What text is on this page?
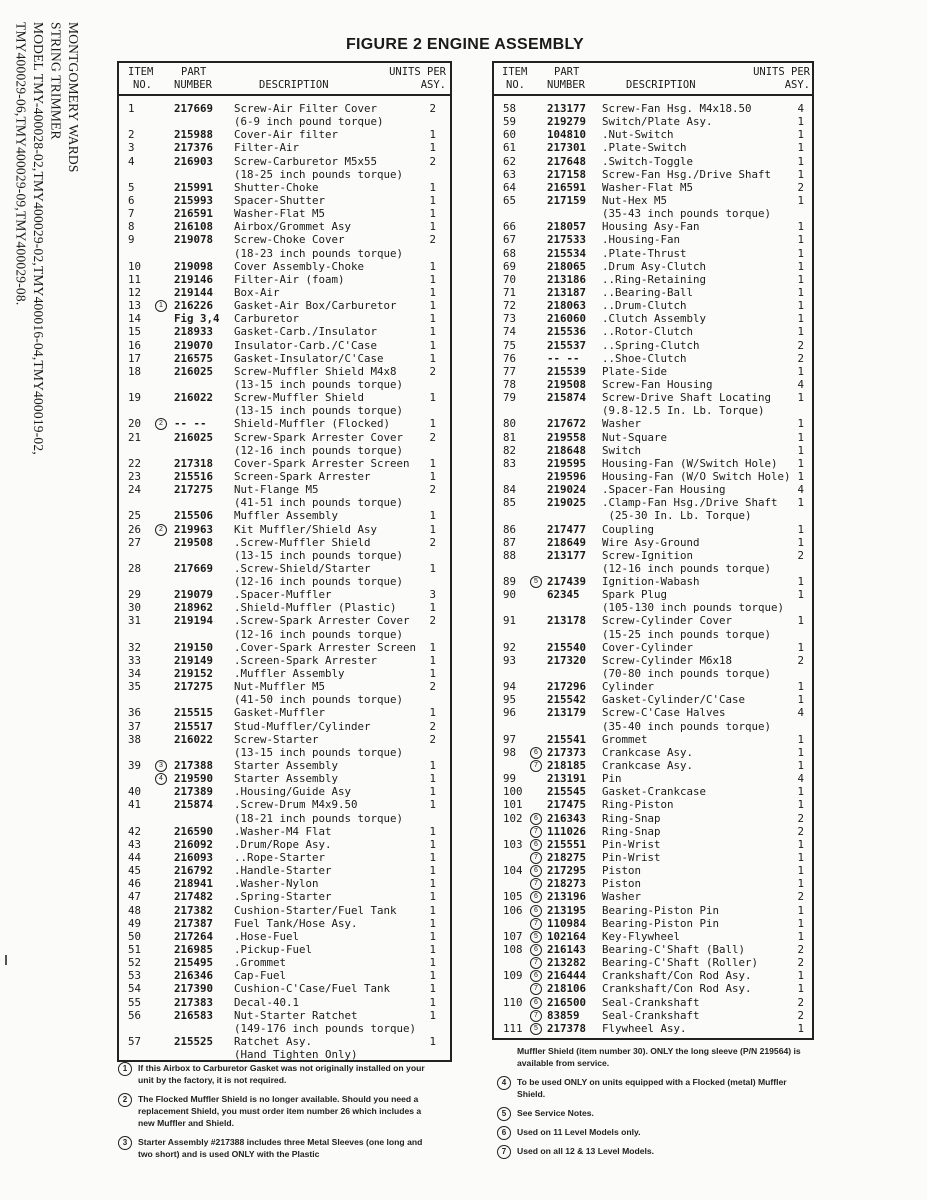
MONTGOMERY WARDS
STRING TRIMMER
MODEL TMY-400028-02,TMY400029-02,TMY400016-04,TMY400019-02,
TMY400029-06,TMY400029-09,TMY400029-08.	FIGURE 2 ENGINE ASSEMBLY
ITEM
NO.
PART
NUMBER	DESCRIPTION
UNITS PER
ASY.
1	217669 Screw-Air Filter Cover	2
(6-9 inch pound torque)
2	215988 Cover-Air filter	1
3	217376 Filter-Air	1
4	216903 Screw-Carburetor M5x55	2
(18-25 inch pounds torque)
5	215991 Shutter-Choke	1
6	215993 Spacer-Shutter	1
7	216591 Washer-Flat M5	1
8	216108 Airbox/Grommet Asy	1
9	219078 Screw-Choke Cover	2
(18-23 inch pounds torque)
10	219098 Cover Assembly-Choke	1
11	219146 Filter-Air (foam)	1
12	219144 Box-Air	1
13	1	216226 Gasket-Air Box/Carburetor	1
14	Fig 3,4 Carburetor	1
15	218933 Gasket-Carb./Insulator	1
16	219070 Insulator-Carb./C'Case	1
17	216575 Gasket-Insulator/C'Case	1
18	216025 Screw-Muffler Shield M4x8	2
(13-15 inch pounds torque)
19	216022 Screw-Muffler Shield	1
(13-15 inch pounds torque)
20	2	-- --	Shield-Muffler (Flocked)	1
21	216025 Screw-Spark Arrester Cover 2
(12-16 inch pounds torque)
22	217318 Cover-Spark Arrester Screen 1
23	215516 Screen-Spark Arrester	1
24	217275 Nut-Flange M5	2
(41-51 inch pounds torque)
25	215506 Muffler Assembly	1
26	2	219963 Kit Muffler/Shield Asy	1
27	219508 .Screw-Muffler Shield	2
(13-15 inch pounds torque)
28	217669 .Screw-Shield/Starter	1
(12-16 inch pounds torque)
29	219079 .Spacer-Muffler	3
30	218962 .Shield-Muffler (Plastic)	1
31	219194 .Screw-Spark Arrester Cover 2
(12-16 inch pounds torque)
32	219150 .Cover-Spark Arrester Screen 1
33	219149 .Screen-Spark Arrester	1
34	219152 .Muffler Assembly	1
35	217275 Nut-Muffler M5	2
(41-50 inch pounds torque)
36	215515 Gasket-Muffler	1
37	215517 Stud-Muffler/Cylinder	2
38	216022 Screw-Starter	2
(13-15 inch pounds torque)
39	3	217388 Starter Assembly	1
4	219590 Starter Assembly	1
40	217389 .Housing/Guide Asy	1
41	215874 .Screw-Drum M4x9.50	1
(18-21 inch pounds torque)
42	216590 .Washer-M4 Flat	1
43	216092 .Drum/Rope Asy.	1
44	216093 ..Rope-Starter	1
45	216792 .Handle-Starter	1
46	218941 .Washer-Nylon	1
47	217482 .Spring-Starter	1
48	217382 Cushion-Starter/Fuel Tank	1
49	217387 Fuel Tank/Hose Asy.	1
50	217264 .Hose-Fuel	1
51	216985 .Pickup-Fuel	1
52	215495 .Grommet	1
53	216346 Cap-Fuel	1
54	217390 Cushion-C'Case/Fuel Tank	1
55	217383 Decal-40.1	1
56	216583 Nut-Starter Ratchet	1
(149-176 inch pounds torque)
57	215525 Ratchet Asy.	1
(Hand Tighten Only)
ITEM
NO.
PART
NUMBER	DESCRIPTION
UNITS PER
ASY.
58	213177 Screw-Fan Hsg. M4x18.50	4
59	219279 Switch/Plate Asy.	1
60	104810 .Nut-Switch	1
61	217301 .Plate-Switch	1
62	217648 .Switch-Toggle	1
63	217158 Screw-Fan Hsg./Drive Shaft 1
64	216591 Washer-Flat M5	2
65	217159 Nut-Hex M5	1
(35-43 inch pounds torque)
66	218057 Housing Asy-Fan	1
67	217533 .Housing-Fan	1
68	215534 .Plate-Thrust	1
69	218065 .Drum Asy-Clutch	1
70	213186 ..Ring-Retaining	1
71	213187 ..Bearing-Ball	1
72	218063 ..Drum-Clutch	1
73	216060 .Clutch Assembly	1
74	215536 ..Rotor-Clutch	1
75	215537 ..Spring-Clutch	2
76	-- -- ..Shoe-Clutch	2
77	215539 Plate-Side	1
78	219508 Screw-Fan Housing	4
79	215874 Screw-Drive Shaft Locating 1
(9.8-12.5 In. Lb. Torque)
80	217672 Washer	1
81	219558 Nut-Square	1
82	218648 Switch	1
83	219595 Housing-Fan (W/Switch Hole) 1
219596 Housing-Fan (W/O Switch Hole) 1
84	219024 .Spacer-Fan Housing	4
85	219025 .Clamp-Fan Hsg./Drive Shaft 1
(25-30 In. Lb. Torque)
86	217477 Coupling	1
87	218649 Wire Asy-Ground	1
88	213177 Screw-Ignition	2
(12-16 inch pounds torque)
89	5 217439 Ignition-Wabash	1
90	62345 Spark Plug	1
(105-130 inch pounds torque)
91	213178 Screw-Cylinder Cover	1
(15-25 inch pounds torque)
92	215540 Cover-Cylinder	1
93	217320 Screw-Cylinder M6x18	2
(70-80 inch pounds torque)
94	217296 Cylinder	1
95	215542 Gasket-Cylinder/C'Case	1
96	213179 Screw-C'Case Halves	4
(35-40 inch pounds torque)
97	215541 Grommet	1
98	6 217373 Crankcase Asy.	1
7 218185 Crankcase Asy.	1
99	213191 Pin	4
100 215545 Gasket-Crankcase	1
101 217475 Ring-Piston	1
102	6 216343 Ring-Snap	2
7 111026 Ring-Snap	2
103	6 215551 Pin-Wrist	1
7 218275 Pin-Wrist	1
104	6 217295 Piston	1
7 218273 Piston	1
105	6 213196 Washer	2
106	6 213195 Bearing-Piston Pin	1
7 110984 Bearing-Piston Pin	1
107	5 102164 Key-Flywheel	1
108	6 216143 Bearing-C'Shaft (Ball)	2
7 213282 Bearing-C'Shaft (Roller)	2
109	6 216444 Crankshaft/Con Rod Asy.	1
7 218106 Crankshaft/Con Rod Asy.	1
110	6 216500 Seal-Crankshaft	2
7 83859 Seal-Crankshaft	2
111	5 217378 Flywheel Asy.	1
1	If this Airbox to Carburetor Gasket was not originally installed on your unit by the factory, it is not required.
2	The Flocked Muffler Shield is no longer available. Should you need a replacement Shield, you must order item number 26 which includes a new Muffler and Shield.
3	Starter Assembly #217388 includes three Metal Sleeves (one long and two short) and is used ONLY with the Plastic
Muffler Shield (item number 30). ONLY the long sleeve (P/N 219564) is available from service.
4	To be used ONLY on units equipped with a Flocked (metal) Muffler Shield.
5	See Service Notes.
6	Used on 11 Level Models only.
7	Used on all 12 & 13 Level Models.
